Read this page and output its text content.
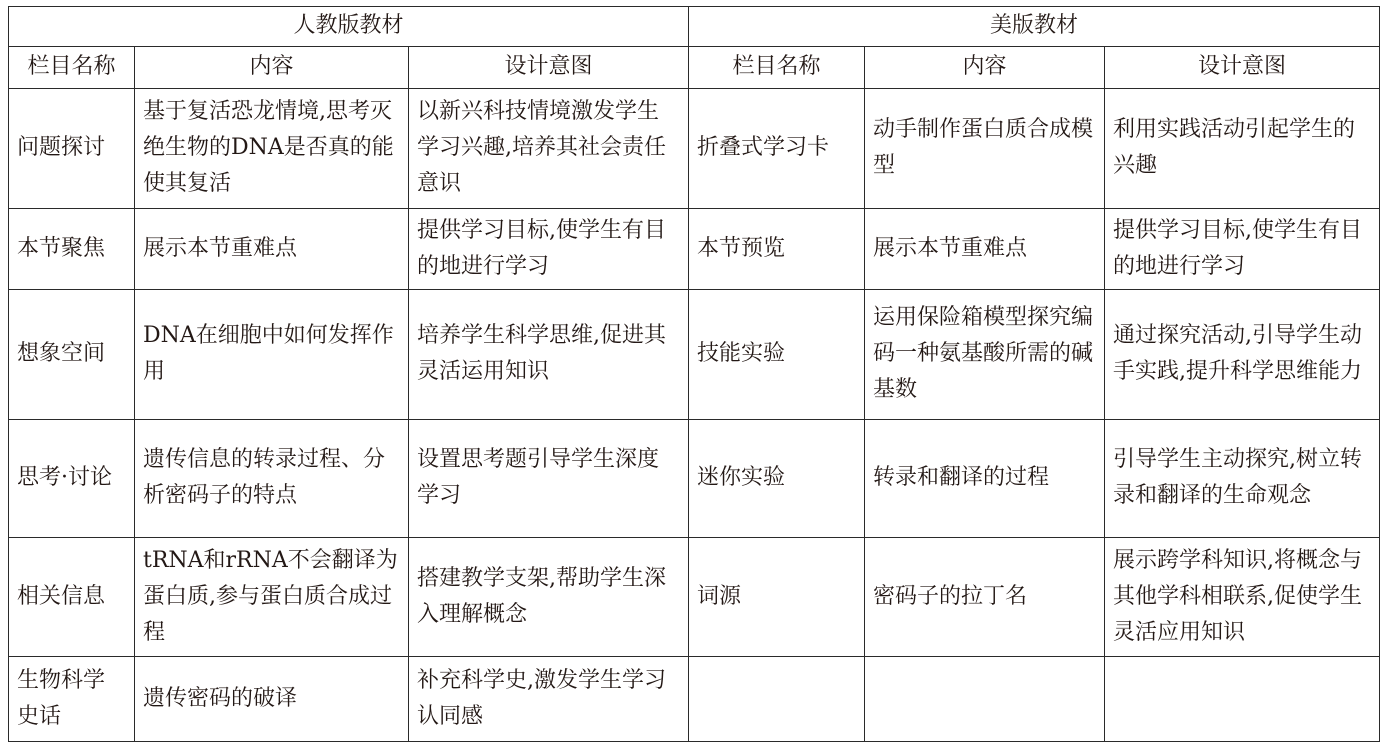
人教版教材			美版教材		
栏目名称	内容	设计意图	栏目名称	内容	设计意图
问题探讨	基于复活恐龙情境,思考灭绝生物的DNA是否真的能使其复活	以新兴科技情境激发学生学习兴趣,培养其社会责任意识	折叠式学习卡	动手制作蛋白质合成模型	利用实践活动引起学生的兴趣
本节聚焦	展示本节重难点	提供学习目标,使学生有目的地进行学习	本节预览	展示本节重难点	提供学习目标,使学生有目的地进行学习
想象空间	DNA在细胞中如何发挥作用	培养学生科学思维,促进其灵活运用知识	技能实验	运用保险箱模型探究编码一种氨基酸所需的碱基数	通过探究活动,引导学生动手实践,提升科学思维能力
思考·讨论	遗传信息的转录过程、分析密码子的特点	设置思考题引导学生深度学习	迷你实验	转录和翻译的过程	引导学生主动探究,树立转录和翻译的生命观念
相关信息	tRNA和rRNA不会翻译为蛋白质,参与蛋白质合成过程	搭建教学支架,帮助学生深入理解概念	词源	密码子的拉丁名	展示跨学科知识,将概念与其他学科相联系,促使学生灵活应用知识
生物科学史话	遗传密码的破译	补充科学史,激发学生学习认同感			
